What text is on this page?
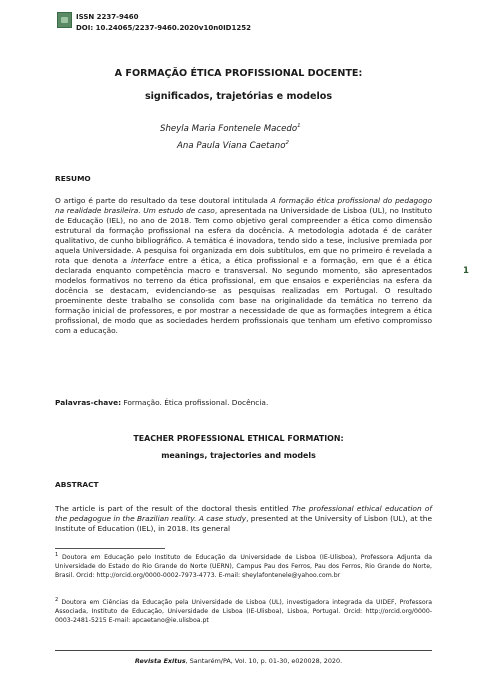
ISSN 2237-9460
DOI: 10.24065/2237-9460.2020v10n0ID1252
A FORMAÇÃO ÉTICA PROFISSIONAL DOCENTE:
significados, trajetórias e modelos
Sheyla Maria Fontenele Macedo$^1$
Ana Paula Viana Caetano$^2$
RESUMO
O artigo é parte do resultado da tese doutoral intitulada A formação ética profissional do pedagogo na realidade brasileira. Um estudo de caso, apresentada na Universidade de Lisboa (UL), no Instituto de Educação (IEL), no ano de 2018. Tem como objetivo geral compreender a ética como dimensão estrutural da formação profissional na esfera da docência. A metodologia adotada é de caráter qualitativo, de cunho bibliográfico. A temática é inovadora, tendo sido a tese, inclusive premiada por aquela Universidade. A pesquisa foi organizada em dois subtítulos, em que no primeiro é revelada a rota que denota a interface entre a ética, a ética profissional e a formação, em que é a ética declarada enquanto competência macro e transversal. No segundo momento, são apresentados modelos formativos no terreno da ética profissional, em que ensaios e experiências na esfera da docência se destacam, evidenciando-se as pesquisas realizadas em Portugal. O resultado proeminente deste trabalho se consolida com base na originalidade da temática no terreno da formação inicial de professores, e por mostrar a necessidade de que as formações integrem a ética profissional, de modo que as sociedades herdem profissionais que tenham um efetivo compromisso com a educação.
Palavras-chave: Formação. Ética profissional. Docência.
TEACHER PROFESSIONAL ETHICAL FORMATION:
meanings, trajectories and models
ABSTRACT
The article is part of the result of the doctoral thesis entitled The professional ethical education of the pedagogue in the Brazilian reality. A case study, presented at the University of Lisbon (UL), at the Institute of Education (IEL), in 2018. Its general
1
$^1$ Doutora em Educação pelo Instituto de Educação da Universidade de Lisboa (IE-Ulisboa), Professora Adjunta da Universidade do Estado do Rio Grande do Norte (UERN), Campus Pau dos Ferros, Pau dos Ferros, Rio Grande do Norte, Brasil. Orcid: http://orcid.org/0000-0002-7973-4773. E-mail: sheylafontenele@yahoo.com.br
$^2$ Doutora em Ciências da Educação pela Universidade de Lisboa (UL), investigadora integrada da UIDEF, Professora Associada, Instituto de Educação, Universidade de Lisboa (IE-Ulisboa), Lisboa, Portugal. Orcid: http://orcid.org/0000-0003-2481-5215 E-mail: apcaetano@ie.ulisboa.pt
Revista Exitus, Santarém/PA, Vol. 10, p. 01-30, e020028, 2020.
